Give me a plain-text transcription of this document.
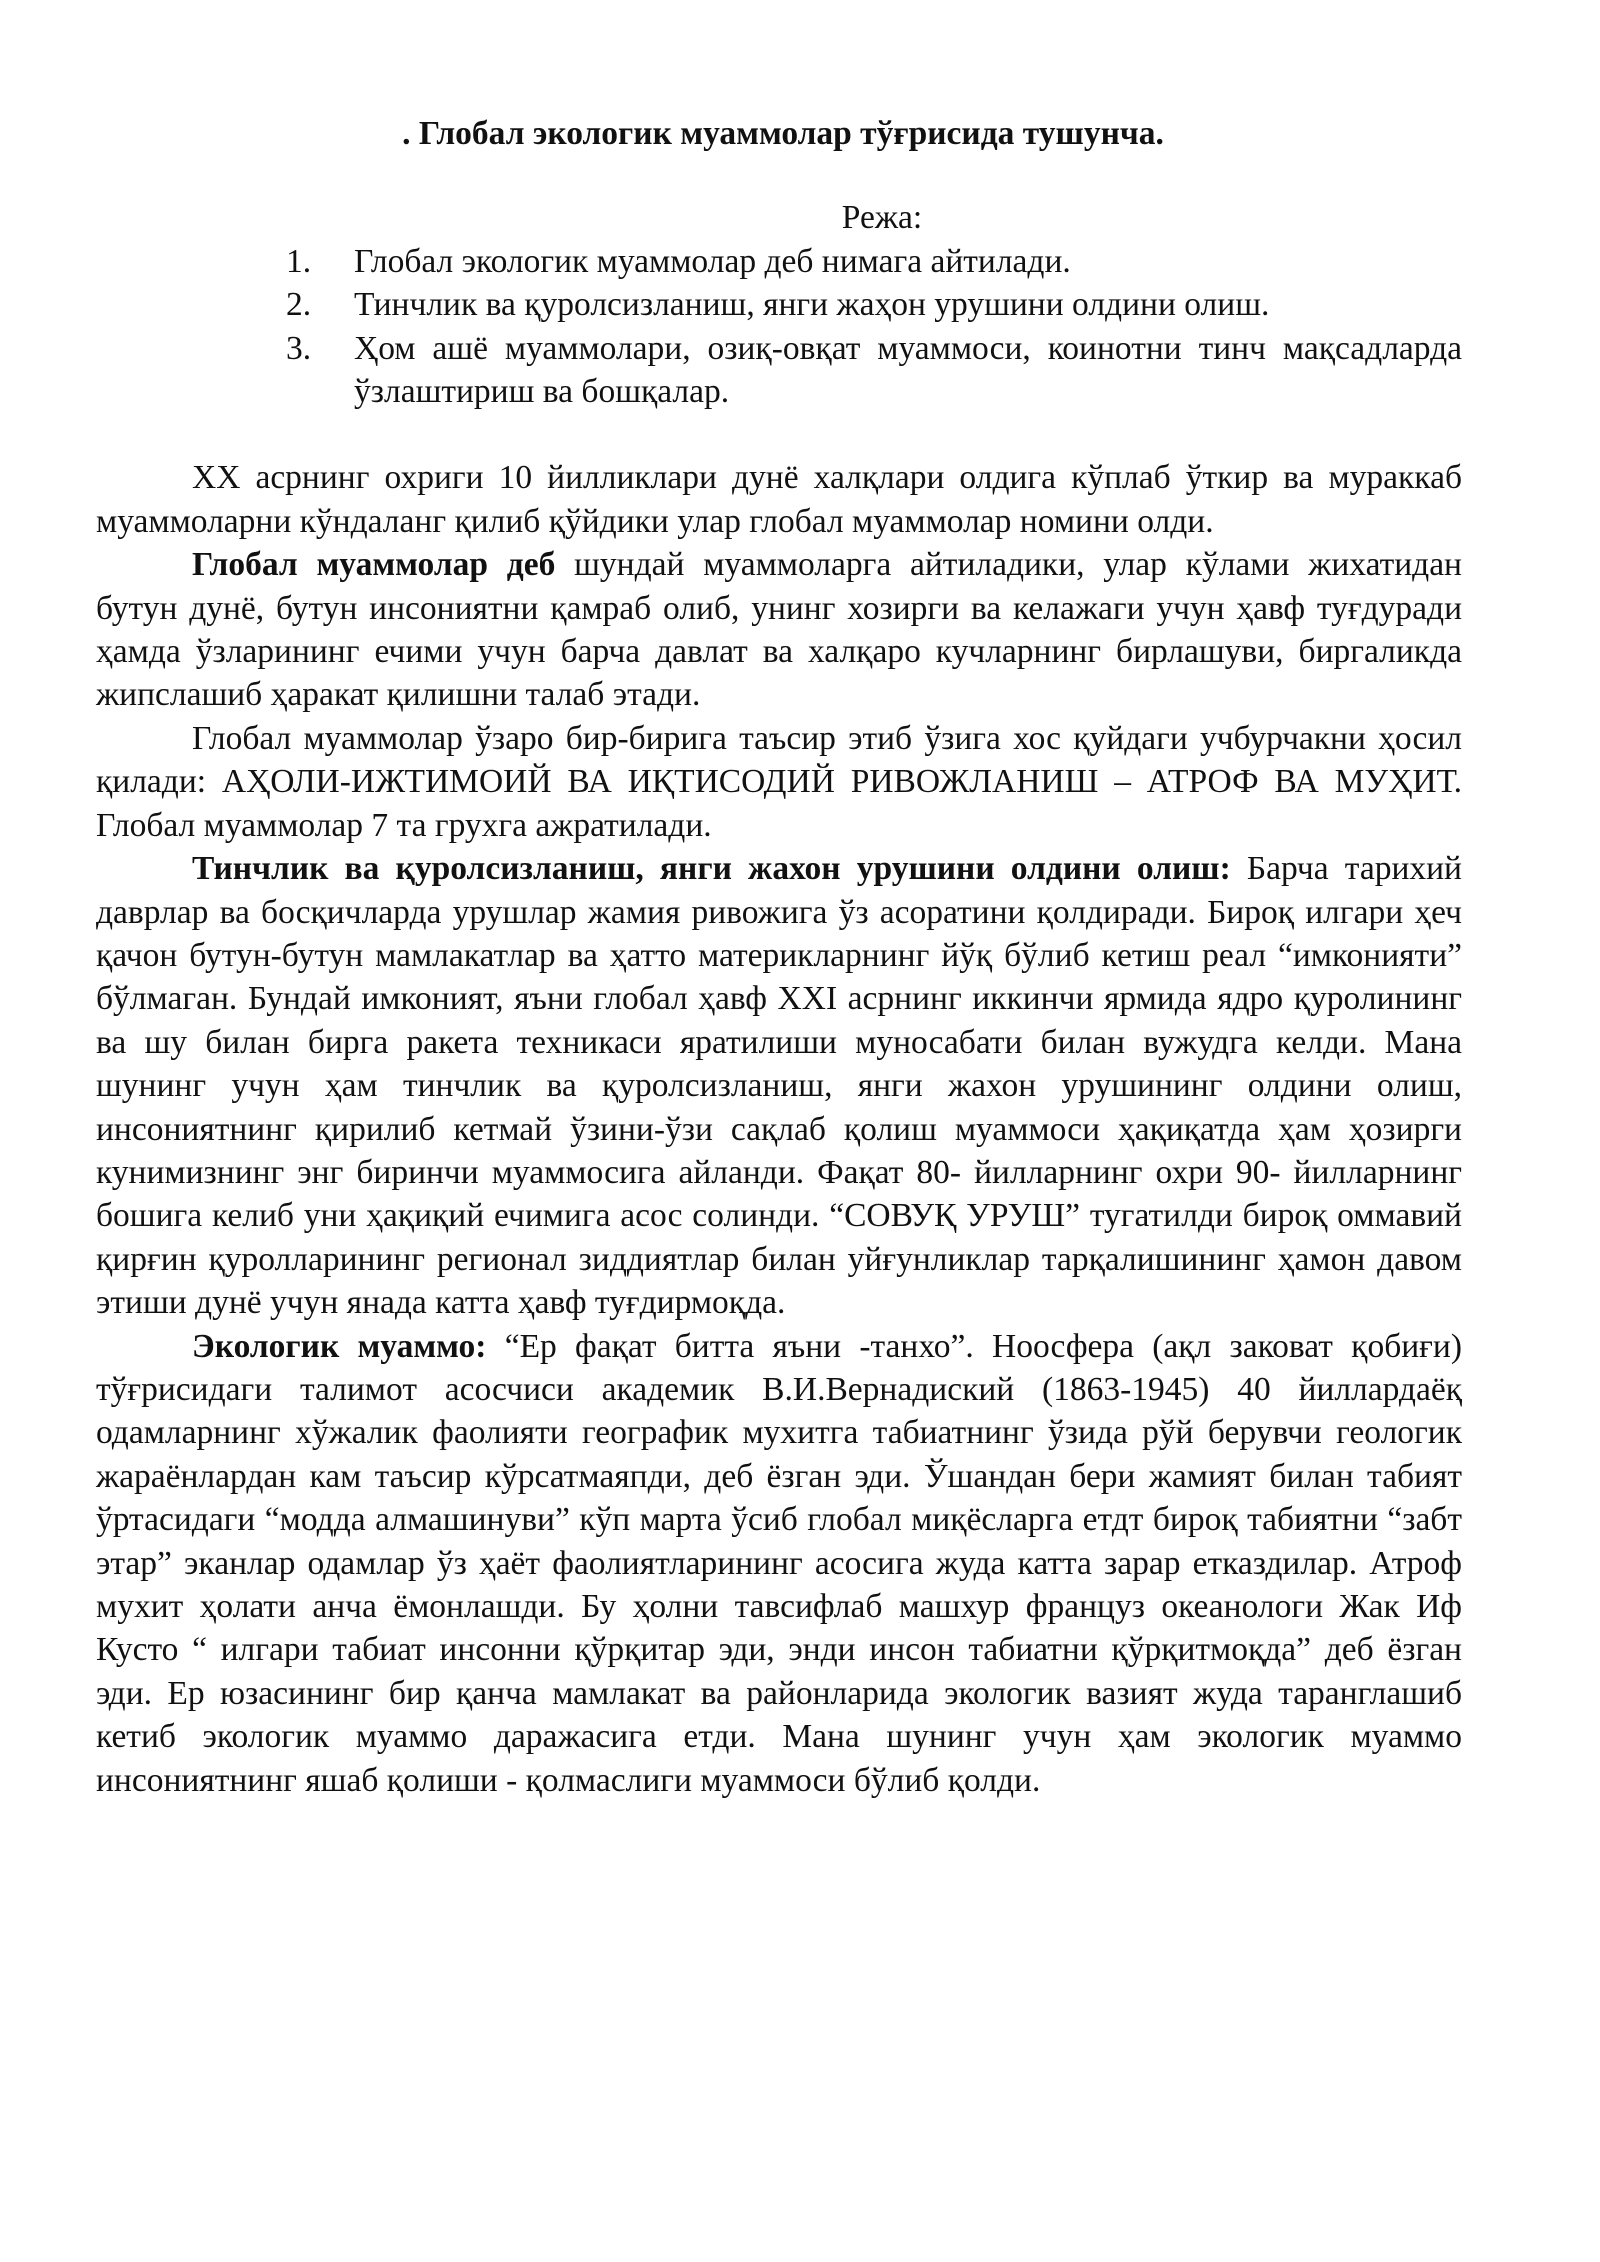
. Глобал экологик муаммолар тўғрисида тушунча.
Режа:
1. Глобал экологик муаммолар деб нимага айтилади.
2. Тинчлик ва қуролсизланиш, янги жаҳон урушини олдини олиш.
3. Ҳом ашё муаммолари, озиқ-овқат муаммоси, коинотни тинч мақсадларда ўзлаштириш ва бошқалар.

XX асрнинг охриги 10 йилликлари дунё халқлари олдига кўплаб ўткир ва мураккаб муаммоларни кўндаланг қилиб қўйдики улар глобал муаммолар номини олди.

Глобал муаммолар деб шундай муаммоларга айтиладики, улар кўлами жихатидан бутун дунё, бутун инсониятни қамраб олиб, унинг хозирги ва келажаги учун ҳавф туғдуради ҳамда ўзларининг ечими учун барча давлат ва халқаро кучларнинг бирлашуви, биргаликда жипслашиб ҳаракат қилишни талаб этади.

Глобал муаммолар ўзаро бир-бирига таъсир этиб ўзига хос қуйдаги учбурчакни ҳосил қилади: АҲОЛИ-ИЖТИМОИЙ ВА ИҚТИСОДИЙ РИВОЖЛАНИШ – АТРОФ ВА МУҲИТ. Глобал муаммолар 7 та грухга ажратилади.

Тинчлик ва қуролсизланиш, янги жахон урушини олдини олиш: Барча тарихий даврлар ва босқичларда урушлар жамия ривожига ўз асоратини қолдиради. Бироқ илгари ҳеч қачон бутун-бутун мамлакатлар ва ҳатто материкларнинг йўқ бўлиб кетиш реал “имконияти” бўлмаган. Бундай имконият, яъни глобал ҳавф XXI асрнинг иккинчи ярмида ядро қуролининг ва шу билан бирга ракета техникаси яратилиши муносабати билан вужудга келди. Мана шунинг учун ҳам тинчлик ва қуролсизланиш, янги жахон урушининг олдини олиш, инсониятнинг қирилиб кетмай ўзини-ўзи сақлаб қолиш муаммоси ҳақиқатда ҳам ҳозирги кунимизнинг энг биринчи муаммосига айланди. Фақат 80- йилларнинг охри 90- йилларнинг бошига келиб уни ҳақиқий ечимига асос солинди. “СОВУҚ УРУШ” тугатилди бироқ оммавий қирғин қуролларининг регионал зиддиятлар билан уйғунликлар тарқалишининг ҳамон давом этиши дунё учун янада катта ҳавф туғдирмоқда.

Экологик муаммо: “Ер фақат битта яъни -танхо”. Ноосфера (ақл заковат қобиғи) тўғрисидаги талимот асосчиси академик В.И.Вернадиский (1863-1945) 40 йиллардаёқ одамларнинг хўжалик фаолияти географик мухитга табиатнинг ўзида рўй берувчи геологик жараёнлардан кам таъсир кўрсатмаяпди, деб ёзган эди. Ўшандан бери жамият билан табият ўртасидаги “модда алмашинуви” кўп марта ўсиб глобал миқёсларга етдт бироқ табиятни “забт этар” эканлар одамлар ўз ҳаёт фаолиятларининг асосига жуда катта зарар етказдилар. Атроф мухит ҳолати анча ёмонлашди. Бу ҳолни тавсифлаб машхур француз океанологи Жак Иф Кусто “ илгари табиат инсонни қўрқитар эди, энди инсон табиатни қўрқитмоқда” деб ёзган эди. Ер юзасининг бир қанча мамлакат ва районларида экологик вазият жуда таранглашиб кетиб экологик муаммо даражасига етди. Мана шунинг учун ҳам экологик муаммо инсониятнинг яшаб қолиши - қолмаслиги муаммоси бўлиб қолди.
